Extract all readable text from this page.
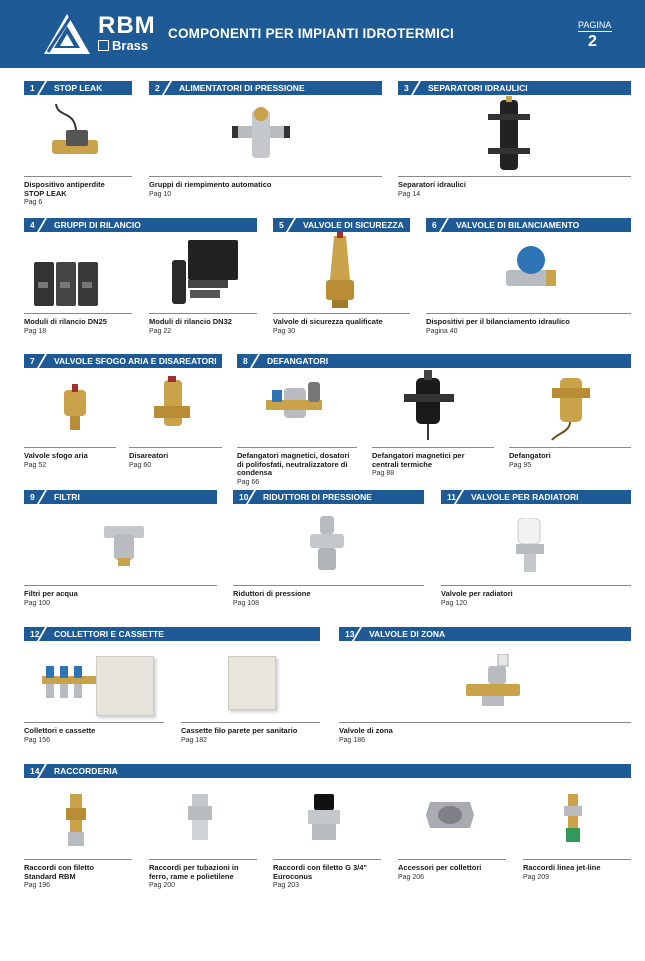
RBM
Brass
COMPONENTI PER IMPIANTI IDROTERMICI
PAGINA
2
1 STOP LEAK	2 ALIMENTATORI DI PRESSIONE	3 SEPARATORI IDRAULICI
4 GRUPPI DI RILANCIO	5 VALVOLE DI SICUREZZA	6 VALVOLE DI BILANCIAMENTO
7 VALVOLE SFOGO ARIA E DISAREATORI	8 DEFANGATORI
9 FILTRI	10 RIDUTTORI DI PRESSIONE	11 VALVOLE PER RADIATORI
12 COLLETTORI E CASSETTE	13 VALVOLE DI ZONA
14 RACCORDERIA
Dispositivo antiperdite
STOP LEAK
Pag 6
Gruppi di riempimento automatico
Pag 10
Separatori idraulici
Pag 14
Moduli di rilancio DN25
Pag 18
Moduli di rilancio DN32
Pag 22
Valvole di sicurezza qualificate
Pag 30
Dispositivi per il bilanciamento idraulico
Pagina 40
Valvole sfogo aria
Pag 52
Disareatori
Pag 60
Defangatori magnetici, dosatori
di polifosfati, neutralizzatore di
condensa
Pag 66
Defangatori magnetici per
centrali termiche
Pag 88
Defangatori
Pag 95
Filtri per acqua
Pag 100
Riduttori di pressione
Pag 108
Valvole per radiatori
Pag 120
Collettori e cassette
Pag 156
Cassette filo parete per sanitario
Pag 182
Valvole di zona
Pag 186
Raccordi con filetto
Standard RBM
Pag 196
Raccordi per tubazioni in
ferro, rame e polietilene
Pag 200
Raccordi con filetto G 3/4"
Euroconus
Pag 203
Accessori per collettori
Pag 206
Raccordi linea jet-line
Pag 209
